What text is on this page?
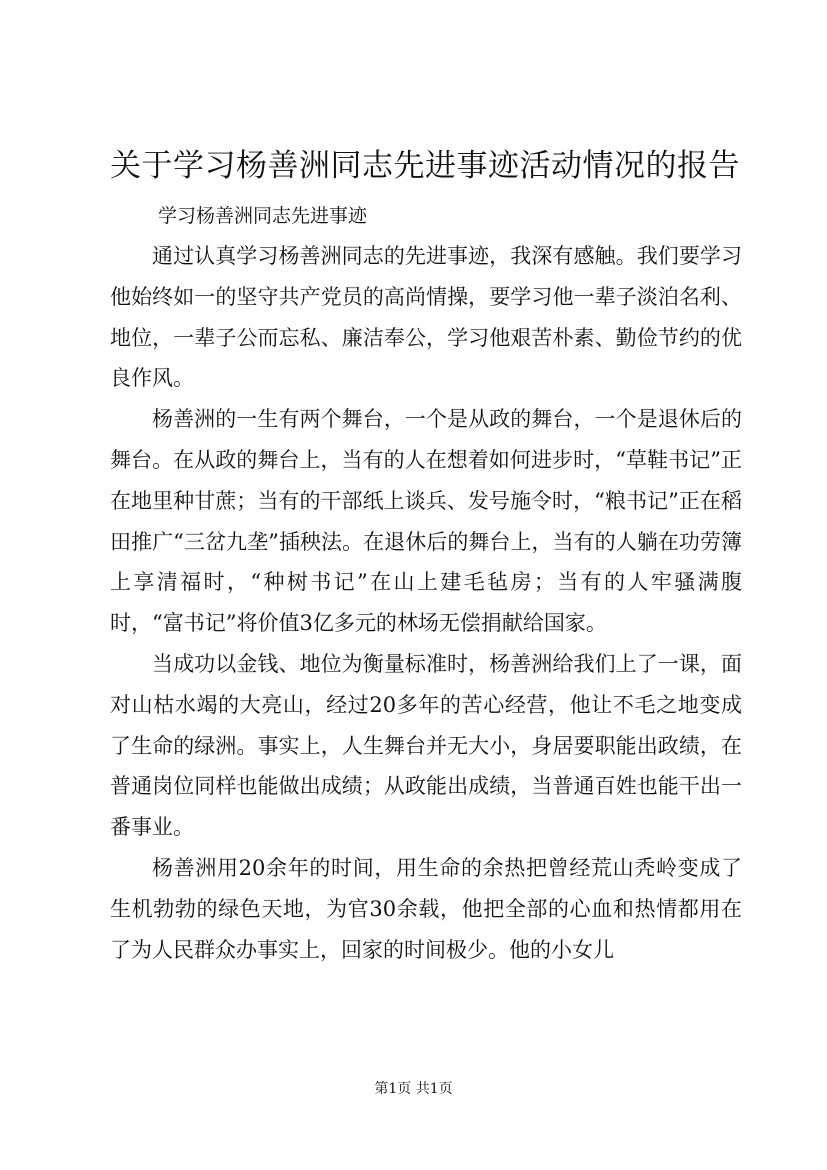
关于学习杨善洲同志先进事迹活动情况的报告
学习杨善洲同志先进事迹

通过认真学习杨善洲同志的先进事迹，我深有感触。我们要学习他始终如一的坚守共产党员的高尚情操，要学习他一辈子淡泊名利、地位，一辈子公而忘私、廉洁奉公，学习他艰苦朴素、勤俭节约的优良作风。

杨善洲的一生有两个舞台，一个是从政的舞台，一个是退休后的舞台。在从政的舞台上，当有的人在想着如何进步时，“草鞋书记”正在地里种甘蔗；当有的干部纸上谈兵、发号施令时，“粮书记”正在稻田推广“三岔九垄”插秧法。在退休后的舞台上，当有的人躺在功劳簿上享清福时，“种树书记”在山上建毛毡房；当有的人牢骚满腹时，“富书记”将价值3亿多元的林场无偿捐献给国家。

当成功以金钱、地位为衡量标准时，杨善洲给我们上了一课，面对山枯水竭的大亮山，经过20多年的苦心经营，他让不毛之地变成了生命的绿洲。事实上，人生舞台并无大小，身居要职能出政绩，在普通岗位同样也能做出成绩；从政能出成绩，当普通百姓也能干出一番事业。

杨善洲用20余年的时间，用生命的余热把曾经荒山秃岭变成了生机勃勃的绿色天地，为官30余载，他把全部的心血和热情都用在了为人民群众办事实上，回家的时间极少。他的小女儿

第1页 共1页
